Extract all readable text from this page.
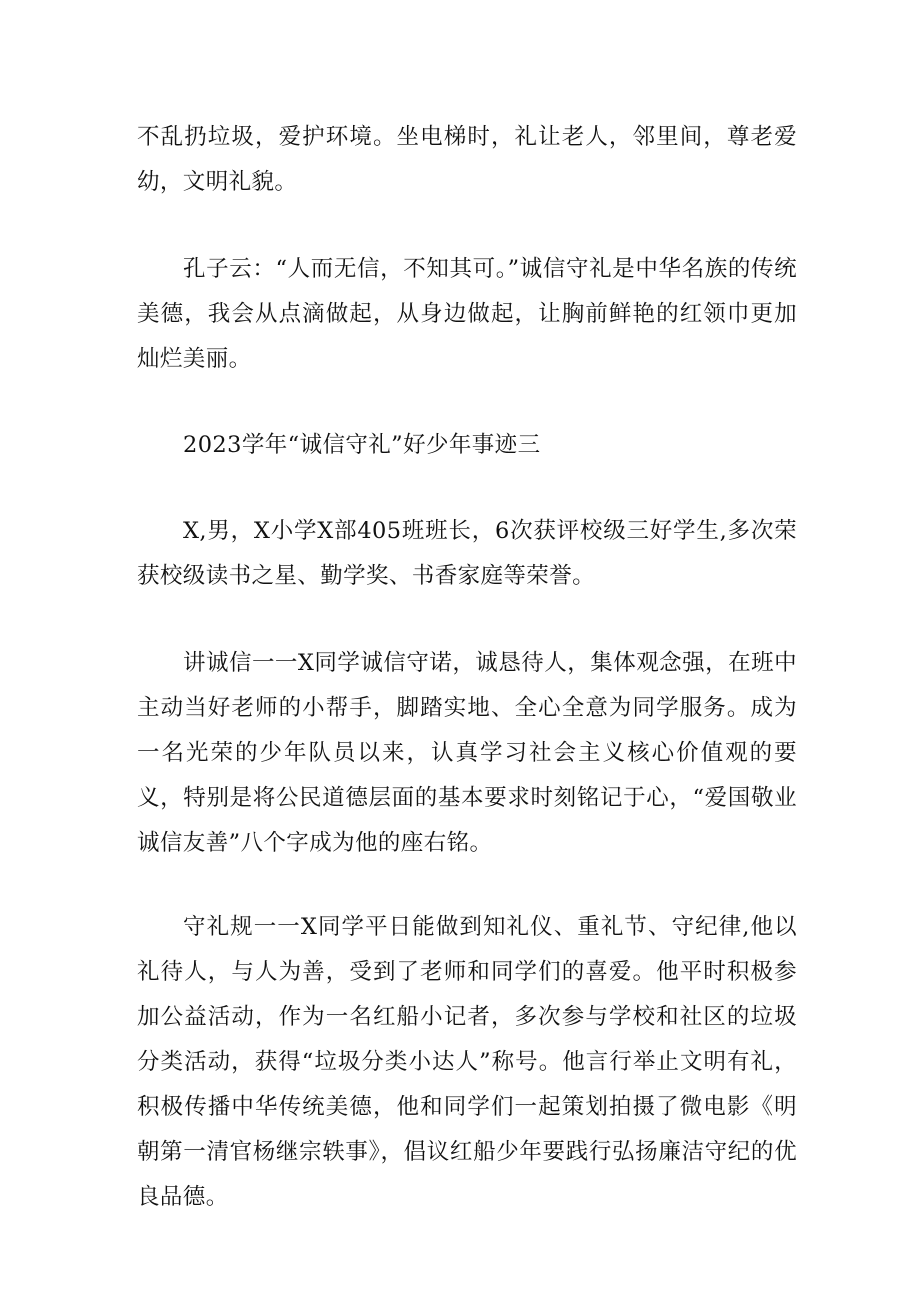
不乱扔垃圾，爱护环境。坐电梯时，礼让老人，邻里间，尊老爱幼，文明礼貌。

孔子云：“人而无信，不知其可。”诚信守礼是中华名族的传统美德，我会从点滴做起，从身边做起，让胸前鲜艳的红领巾更加灿烂美丽。

2023学年“诚信守礼”好少年事迹三

X,男，X小学X部405班班长，6次获评校级三好学生,多次荣获校级读书之星、勤学奖、书香家庭等荣誉。

讲诚信一一X同学诚信守诺，诚恳待人，集体观念强，在班中主动当好老师的小帮手，脚踏实地、全心全意为同学服务。成为一名光荣的少年队员以来，认真学习社会主义核心价值观的要义，特别是将公民道德层面的基本要求时刻铭记于心，“爱国敬业诚信友善”八个字成为他的座右铭。

守礼规一一X同学平日能做到知礼仪、重礼节、守纪律,他以礼待人，与人为善，受到了老师和同学们的喜爱。他平时积极参加公益活动，作为一名红船小记者，多次参与学校和社区的垃圾分类活动，获得“垃圾分类小达人”称号。他言行举止文明有礼，积极传播中华传统美德，他和同学们一起策划拍摄了微电影《明朝第一清官杨继宗轶事》，倡议红船少年要践行弘扬廉洁守纪的优良品德。
